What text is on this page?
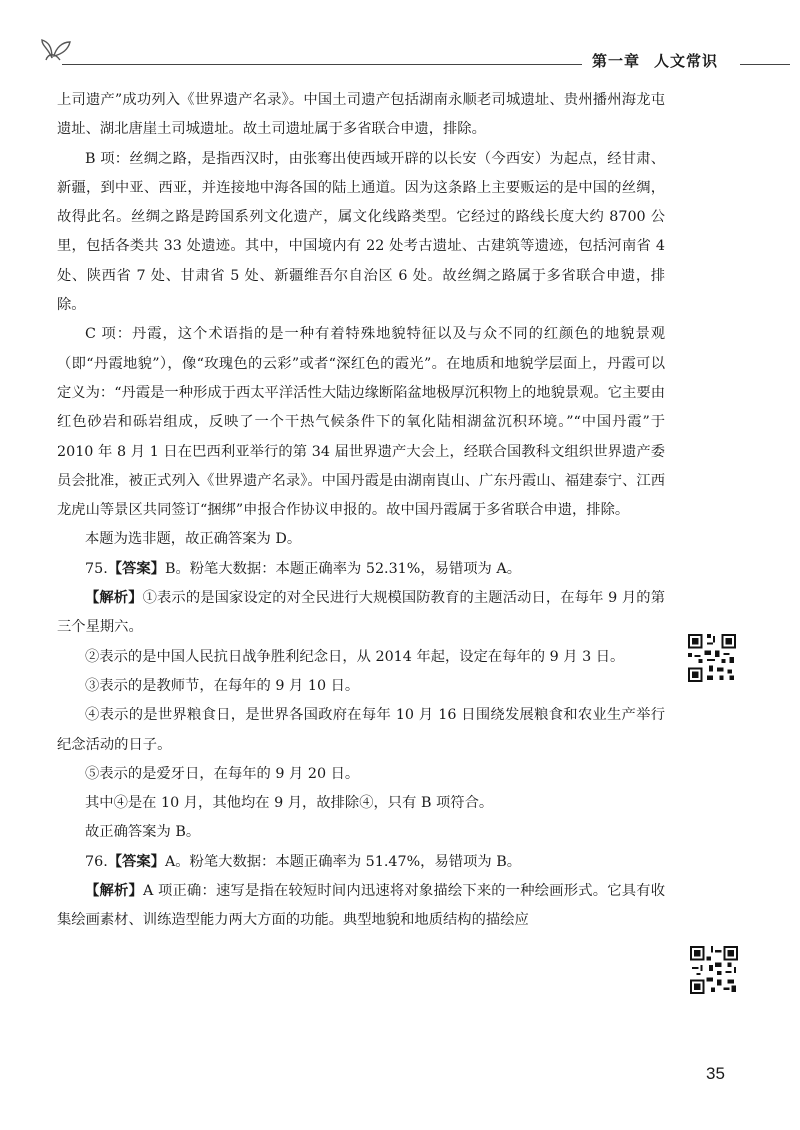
第一章 人文常识

上司遗产”成功列入《世界遗产名录》。中国土司遗产包括湖南永顺老司城遗址、贵州播州海龙屯遗址、湖北唐崖土司城遗址。故土司遗址属于多省联合申遗，排除。

B 项：丝绸之路，是指西汉时，由张骞出使西域开辟的以长安（今西安）为起点，经甘肃、新疆，到中亚、西亚，并连接地中海各国的陆上通道。因为这条路上主要贩运的是中国的丝绸，故得此名。丝绸之路是跨国系列文化遗产，属文化线路类型。它经过的路线长度大约 8700 公里，包括各类共 33 处遗迹。其中，中国境内有 22 处考古遗址、古建筑等遗迹，包括河南省 4 处、陕西省 7 处、甘肃省 5 处、新疆维吾尔自治区 6 处。故丝绸之路属于多省联合申遗，排除。

C 项：丹霞，这个术语指的是一种有着特殊地貌特征以及与众不同的红颜色的地貌景观（即“丹霞地貌”），像“玫瑰色的云彩”或者“深红色的霞光”。在地质和地貌学层面上，丹霞可以定义为：“丹霞是一种形成于西太平洋活性大陆边缘断陷盆地极厚沉积物上的地貌景观。它主要由红色砂岩和砾岩组成，反映了一个干热气候条件下的氧化陆相湖盆沉积环境。”“中国丹霞”于 2010 年 8 月 1 日在巴西利亚举行的第 34 届世界遗产大会上，经联合国教科文组织世界遗产委员会批准，被正式列入《世界遗产名录》。中国丹霞是由湖南崀山、广东丹霞山、福建泰宁、江西龙虎山等景区共同签订“捆绑”申报合作协议申报的。故中国丹霞属于多省联合申遗，排除。

本题为选非题，故正确答案为 D。

75.【答案】B。粉笔大数据：本题正确率为 52.31%，易错项为 A。

【解析】①表示的是国家设定的对全民进行大规模国防教育的主题活动日，在每年 9 月的第三个星期六。

②表示的是中国人民抗日战争胜利纪念日，从 2014 年起，设定在每年的 9 月 3 日。

③表示的是教师节，在每年的 9 月 10 日。

④表示的是世界粮食日，是世界各国政府在每年 10 月 16 日围绕发展粮食和农业生产举行纪念活动的日子。

⑤表示的是爱牙日，在每年的 9 月 20 日。

其中④是在 10 月，其他均在 9 月，故排除④，只有 B 项符合。

故正确答案为 B。

76.【答案】A。粉笔大数据：本题正确率为 51.47%，易错项为 B。

【解析】A 项正确：速写是指在较短时间内迅速将对象描绘下来的一种绘画形式。它具有收集绘画素材、训练造型能力两大方面的功能。典型地貌和地质结构的描绘应

35
